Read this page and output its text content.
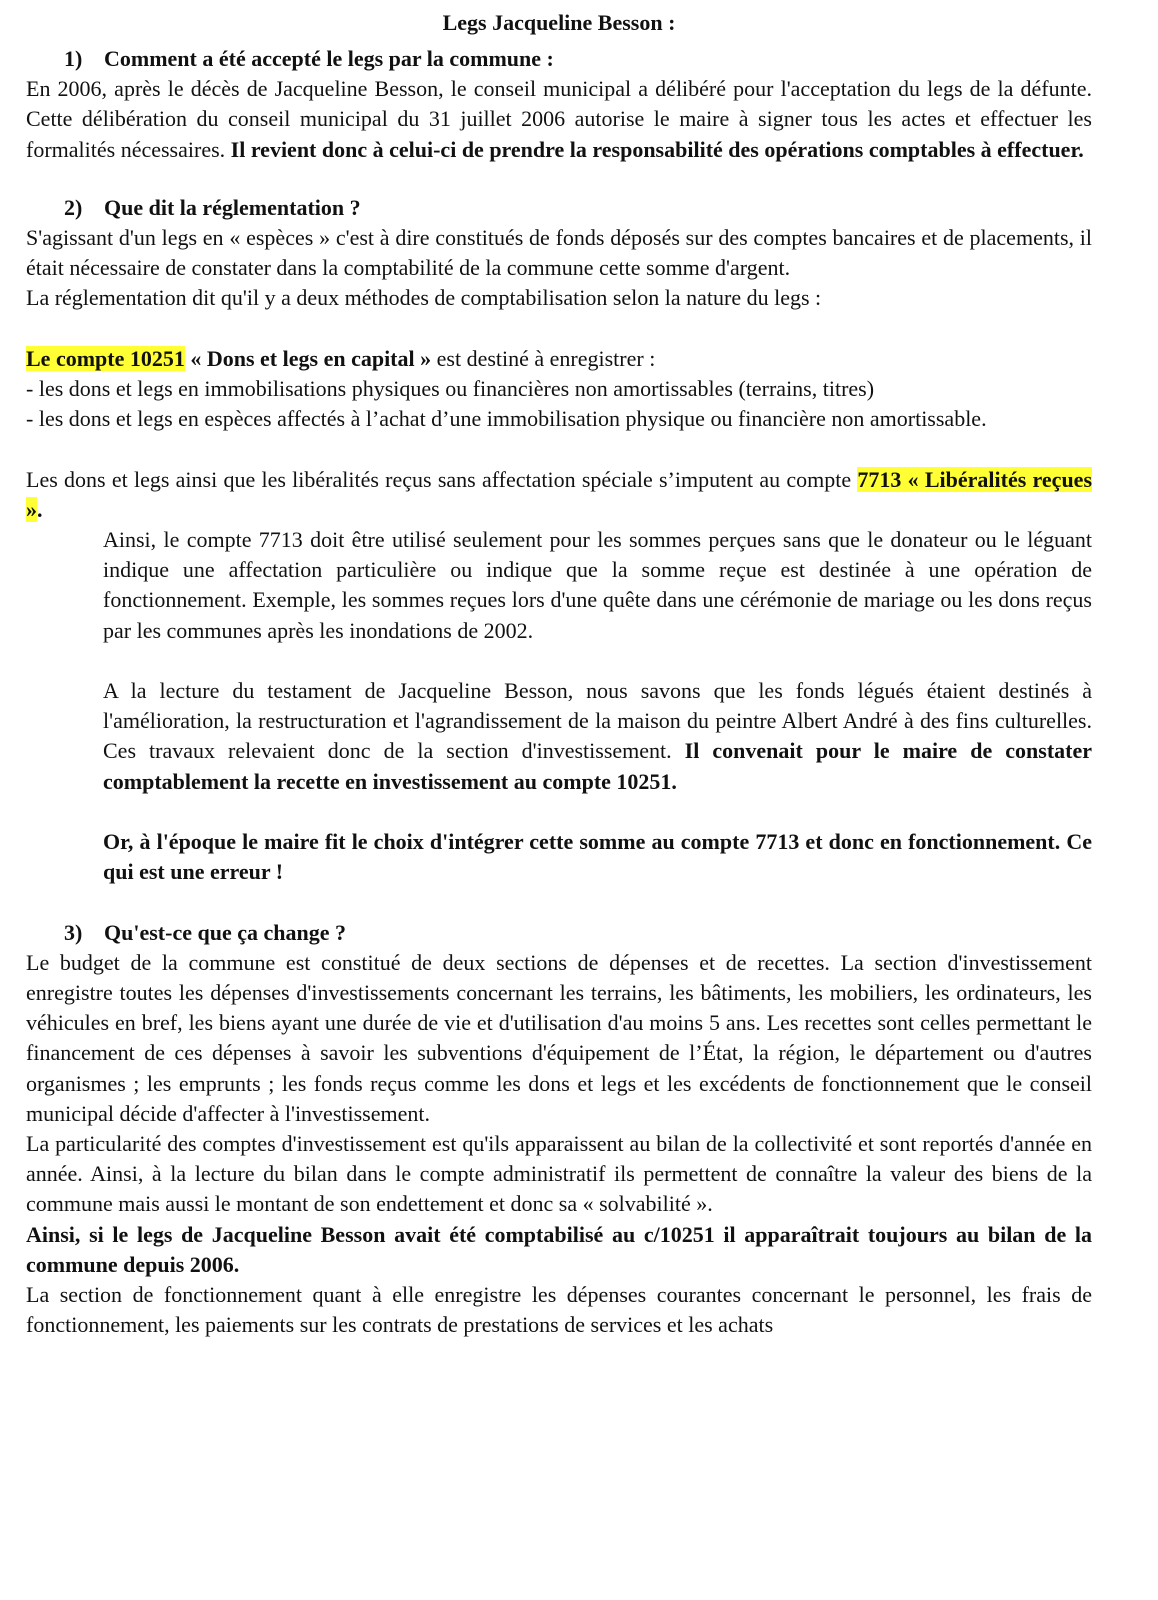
Legs Jacqueline Besson :
1) Comment a été accepté le legs par la commune :

En 2006, après le décès de Jacqueline Besson, le conseil municipal a délibéré pour l'acceptation du legs de la défunte. Cette délibération du conseil municipal du 31 juillet 2006 autorise le maire à signer tous les actes et effectuer les formalités nécessaires. Il revient donc à celui-ci de prendre la responsabilité des opérations comptables à effectuer.

2) Que dit la réglementation ?

S'agissant d'un legs en « espèces » c'est à dire constitués de fonds déposés sur des comptes bancaires et de placements, il était nécessaire de constater dans la comptabilité de la commune cette somme d'argent.

La réglementation dit qu'il y a deux méthodes de comptabilisation selon la nature du legs :

Le compte 10251 « Dons et legs en capital » est destiné à enregistrer :

- les dons et legs en immobilisations physiques ou financières non amortissables (terrains, titres)

- les dons et legs en espèces affectés à l’achat d’une immobilisation physique ou financière non amortissable.

Les dons et legs ainsi que les libéralités reçus sans affectation spéciale s’imputent au compte 7713 « Libéralités reçues ».

Ainsi, le compte 7713 doit être utilisé seulement pour les sommes perçues sans que le donateur ou le léguant indique une affectation particulière ou indique que la somme reçue est destinée à une opération de fonctionnement. Exemple, les sommes reçues lors d'une quête dans une cérémonie de mariage ou les dons reçus par les communes après les inondations de 2002.

A la lecture du testament de Jacqueline Besson, nous savons que les fonds légués étaient destinés à l'amélioration, la restructuration et l'agrandissement de la maison du peintre Albert André à des fins culturelles. Ces travaux relevaient donc de la section d'investissement. Il convenait pour le maire de constater comptablement la recette en investissement au compte 10251.

Or, à l'époque le maire fit le choix d'intégrer cette somme au compte 7713 et donc en fonctionnement. Ce qui est une erreur !

3) Qu'est-ce que ça change ?

Le budget de la commune est constitué de deux sections de dépenses et de recettes. La section d'investissement enregistre toutes les dépenses d'investissements concernant les terrains, les bâtiments, les mobiliers, les ordinateurs, les véhicules en bref, les biens ayant une durée de vie et d'utilisation d'au moins 5 ans. Les recettes sont celles permettant le financement de ces dépenses à savoir les subventions d'équipement de l’État, la région, le département ou d'autres organismes ; les emprunts ; les fonds reçus comme les dons et legs et les excédents de fonctionnement que le conseil municipal décide d'affecter à l'investissement.

La particularité des comptes d'investissement est qu'ils apparaissent au bilan de la collectivité et sont reportés d'année en année. Ainsi, à la lecture du bilan dans le compte administratif ils permettent de connaître la valeur des biens de la commune mais aussi le montant de son endettement et donc sa « solvabilité ».

Ainsi, si le legs de Jacqueline Besson avait été comptabilisé au c/10251 il apparaîtrait toujours au bilan de la commune depuis 2006.

La section de fonctionnement quant à elle enregistre les dépenses courantes concernant le personnel, les frais de fonctionnement, les paiements sur les contrats de prestations de services et les achats
